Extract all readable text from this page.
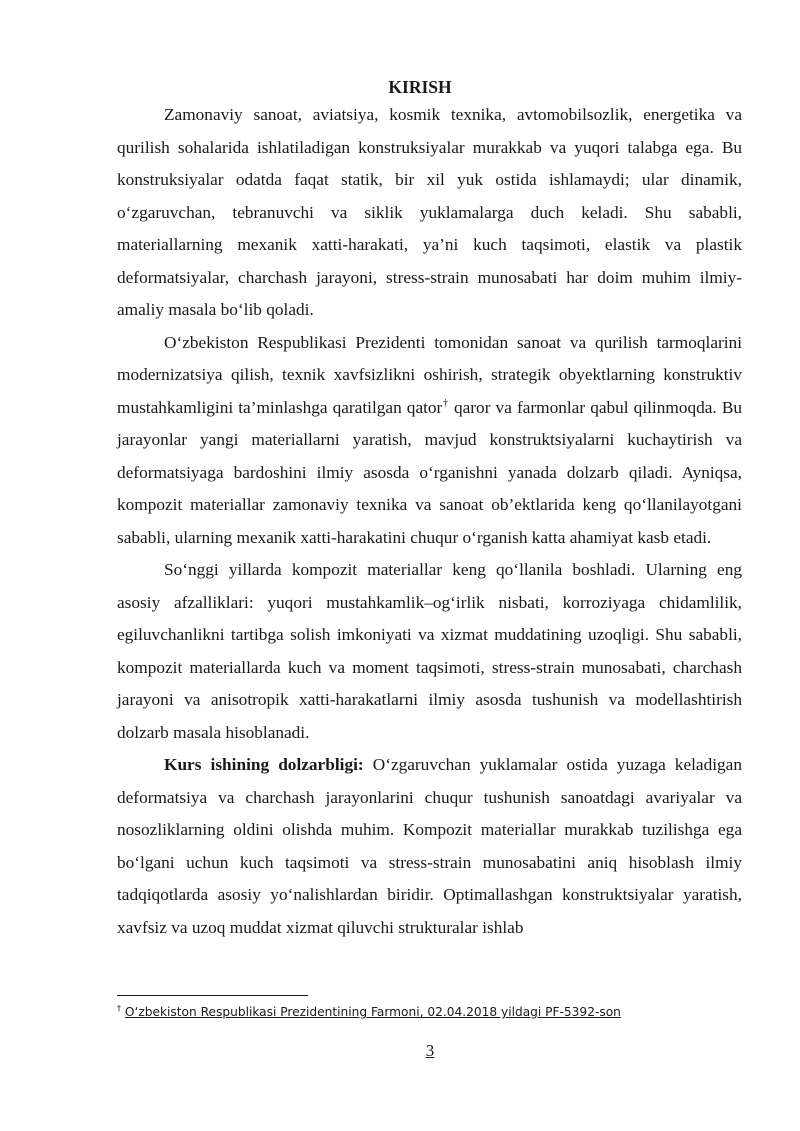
KIRISH

Zamonaviy sanoat, aviatsiya, kosmik texnika, avtomobilsozlik, energetika va qurilish sohalarida ishlatiladigan konstruksiyalar murakkab va yuqori talabga ega. Bu konstruksiyalar odatda faqat statik, bir xil yuk ostida ishlamaydi; ular dinamik, o‘zgaruvchan, tebranuvchi va siklik yuklamalarga duch keladi. Shu sababli, materiallarning mexanik xatti-harakati, ya’ni kuch taqsimoti, elastik va plastik deformatsiyalar, charchash jarayoni, stress-strain munosabati har doim muhim ilmiy-amaliy masala bo‘lib qoladi.

O‘zbekiston Respublikasi Prezidenti tomonidan sanoat va qurilish tarmoqlarini modernizatsiya qilish, texnik xavfsizlikni oshirish, strategik obyektlarning konstruktiv mustahkamligini ta’minlashga qaratilgan qator† qaror va farmonlar qabul qilinmoqda. Bu jarayonlar yangi materiallarni yaratish, mavjud konstruktsiyalarni kuchaytirish va deformatsiyaga bardoshini ilmiy asosda o‘rganishni yanada dolzarb qiladi. Ayniqsa, kompozit materiallar zamonaviy texnika va sanoat ob’ektlarida keng qo‘llanilayotgani sababli, ularning mexanik xatti-harakatini chuqur o‘rganish katta ahamiyat kasb etadi.

So‘nggi yillarda kompozit materiallar keng qo‘llanila boshladi. Ularning eng asosiy afzalliklari: yuqori mustahkamlik–og‘irlik nisbati, korroziyaga chidamlilik, egiluvchanlikni tartibga solish imkoniyati va xizmat muddatining uzoqligi. Shu sababli, kompozit materiallarda kuch va moment taqsimoti, stress-strain munosabati, charchash jarayoni va anisotropik xatti-harakatlarni ilmiy asosda tushunish va modellashtirish dolzarb masala hisoblanadi.

Kurs ishining dolzarbligi: O‘zgaruvchan yuklamalar ostida yuzaga keladigan deformatsiya va charchash jarayonlarini chuqur tushunish sanoatdagi avariyalar va nosozliklarning oldini olishda muhim. Kompozit materiallar murakkab tuzilishga ega bo‘lgani uchun kuch taqsimoti va stress-strain munosabatini aniq hisoblash ilmiy tadqiqotlarda asosiy yo‘nalishlardan biridir. Optimallashgan konstruktsiyalar yaratish, xavfsiz va uzoq muddat xizmat qiluvchi strukturalar ishlab

† O‘zbekiston Respublikasi Prezidentining Farmoni, 02.04.2018 yildagi PF-5392-son
3
